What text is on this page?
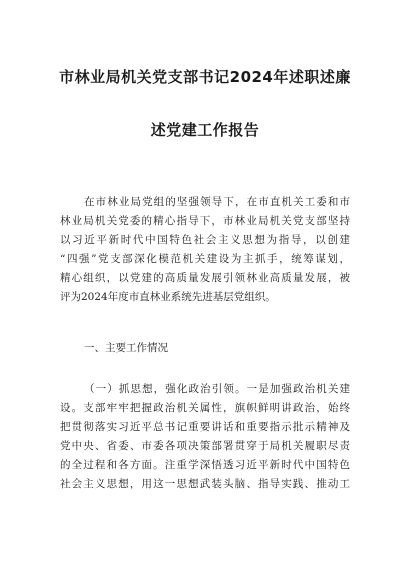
市林业局机关党支部书记2024年述职述廉
述党建工作报告
在市林业局党组的坚强领导下，在市直机关工委和市
林业局机关党委的精心指导下，市林业局机关党支部坚持
以习近平新时代中国特色社会主义思想为指导，以创建
“四强”党支部深化模范机关建设为主抓手，统筹谋划，
精心组织，以党建的高质量发展引领林业高质量发展，被
评为2024年度市直林业系统先进基层党组织。
一、主要工作情况
（一）抓思想，强化政治引领。一是加强政治机关建
设。支部牢牢把握政治机关属性，旗帜鲜明讲政治，始终
把贯彻落实习近平总书记重要讲话和重要指示批示精神及
党中央、省委、市委各项决策部署贯穿于局机关履职尽责
的全过程和各方面。注重学深悟透习近平新时代中国特色
社会主义思想，用这一思想武装头脑、指导实践、推动工
